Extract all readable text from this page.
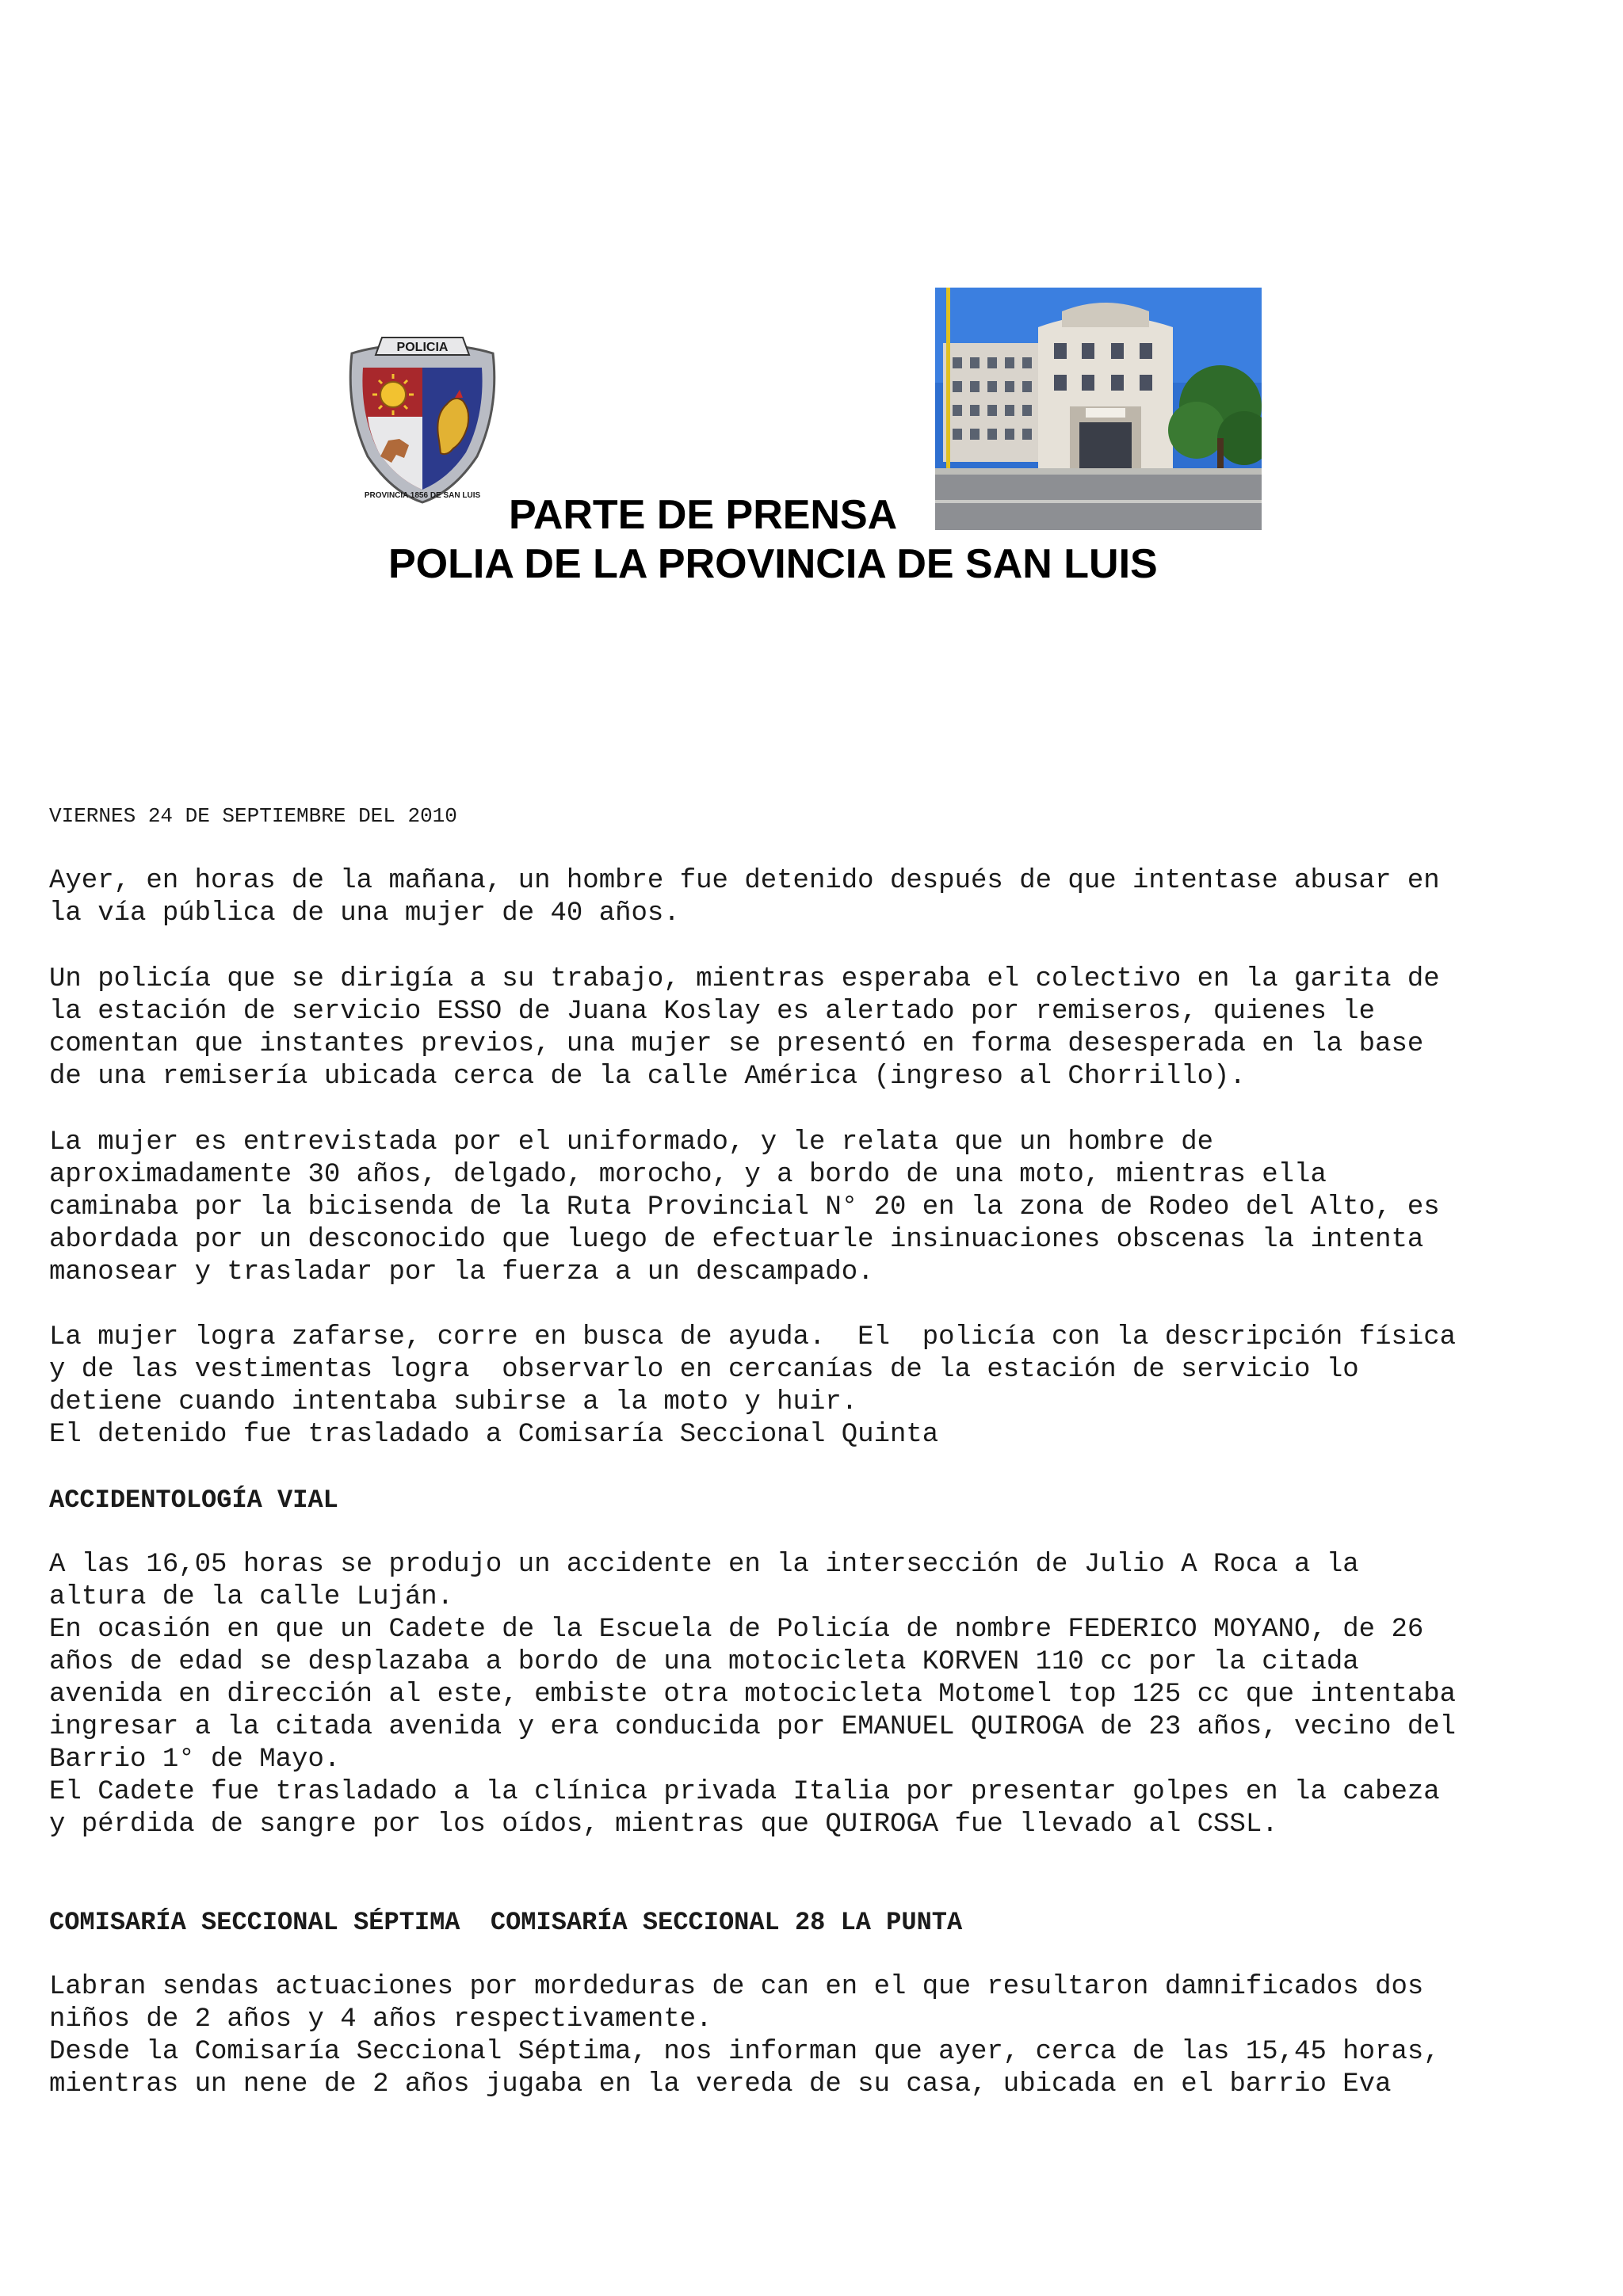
POLICIA
PROVINCIA 1856 DE SAN LUIS PARTE DE PRENSA
POLIA DE LA PROVINCIA DE SAN LUIS
VIERNES 24 DE SEPTIEMBRE DEL 2010
Ayer, en horas de la mañana, un hombre fue detenido después de que intentase abusar en
la vía pública de una mujer de 40 años.
Un policía que se dirigía a su trabajo, mientras esperaba el colectivo en la garita de
la estación de servicio ESSO de Juana Koslay es alertado por remiseros, quienes le
comentan que instantes previos, una mujer se presentó en forma desesperada en la base
de una remisería ubicada cerca de la calle América (ingreso al Chorrillo).
La mujer es entrevistada por el uniformado, y le relata que un hombre de
aproximadamente 30 años, delgado, morocho, y a bordo de una moto, mientras ella
caminaba por la bicisenda de la Ruta Provincial N° 20 en la zona de Rodeo del Alto, es
abordada por un desconocido que luego de efectuarle insinuaciones obscenas la intenta
manosear y trasladar por la fuerza a un descampado.
La mujer logra zafarse, corre en busca de ayuda.  El  policía con la descripción física
y de las vestimentas logra  observarlo en cercanías de la estación de servicio lo
detiene cuando intentaba subirse a la moto y huir.
El detenido fue trasladado a Comisaría Seccional Quinta
ACCIDENTOLOGÍA VIAL
A las 16,05 horas se produjo un accidente en la intersección de Julio A Roca a la
altura de la calle Luján.
En ocasión en que un Cadete de la Escuela de Policía de nombre FEDERICO MOYANO, de 26
años de edad se desplazaba a bordo de una motocicleta KORVEN 110 cc por la citada
avenida en dirección al este, embiste otra motocicleta Motomel top 125 cc que intentaba
ingresar a la citada avenida y era conducida por EMANUEL QUIROGA de 23 años, vecino del
Barrio 1° de Mayo.
El Cadete fue trasladado a la clínica privada Italia por presentar golpes en la cabeza
y pérdida de sangre por los oídos, mientras que QUIROGA fue llevado al CSSL.
COMISARÍA SECCIONAL SÉPTIMA  COMISARÍA SECCIONAL 28 LA PUNTA
Labran sendas actuaciones por mordeduras de can en el que resultaron damnificados dos
niños de 2 años y 4 años respectivamente.
Desde la Comisaría Seccional Séptima, nos informan que ayer, cerca de las 15,45 horas,
mientras un nene de 2 años jugaba en la vereda de su casa, ubicada en el barrio Eva
